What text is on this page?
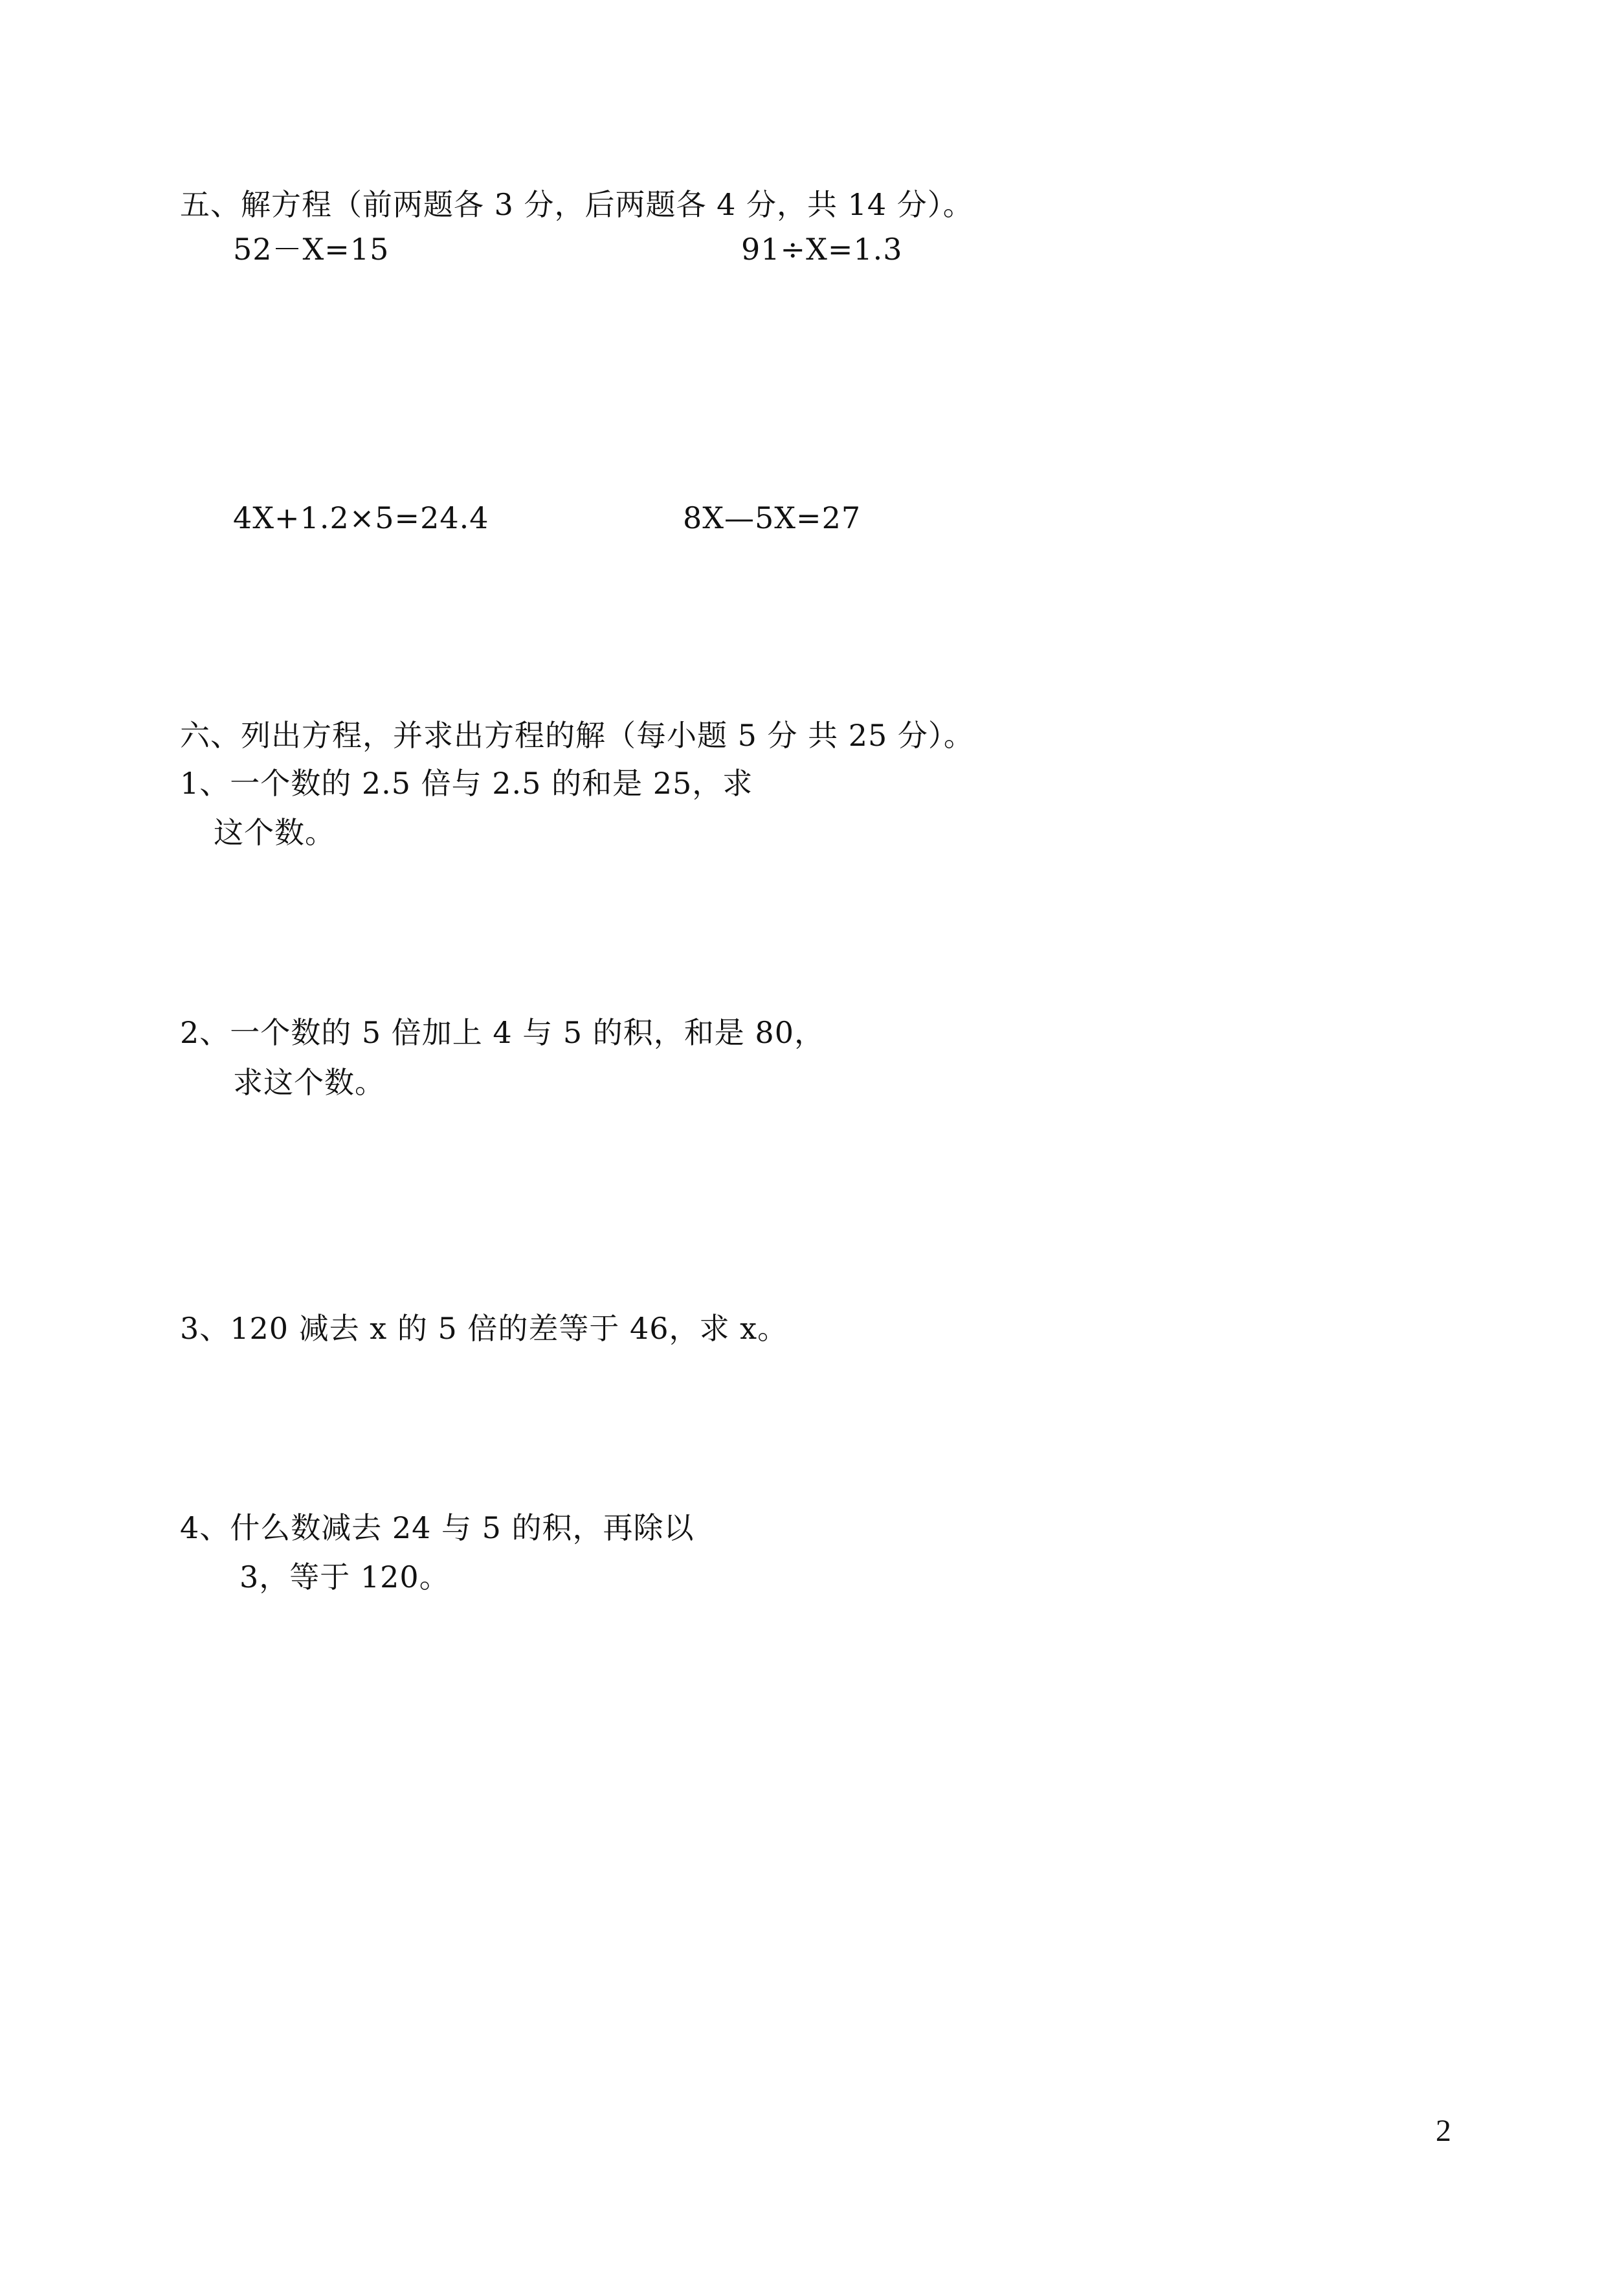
五、解方程（前两题各 3 分，后两题各 4 分，共 14 分）。
52－X=15	91÷X=1.3
4X+1.2×5=24.4	8X—5X=27
六、列出方程，并求出方程的解（每小题 5 分 共 25 分）。
1、一个数的 2.5 倍与 2.5 的和是 25，求
这个数。
2、一个数的 5 倍加上 4 与 5 的积，和是 80，
求这个数。
3、120 减去 x 的 5 倍的差等于 46，求 x。
4、什么数减去 24 与 5 的积，再除以
3，等于 120。
2
